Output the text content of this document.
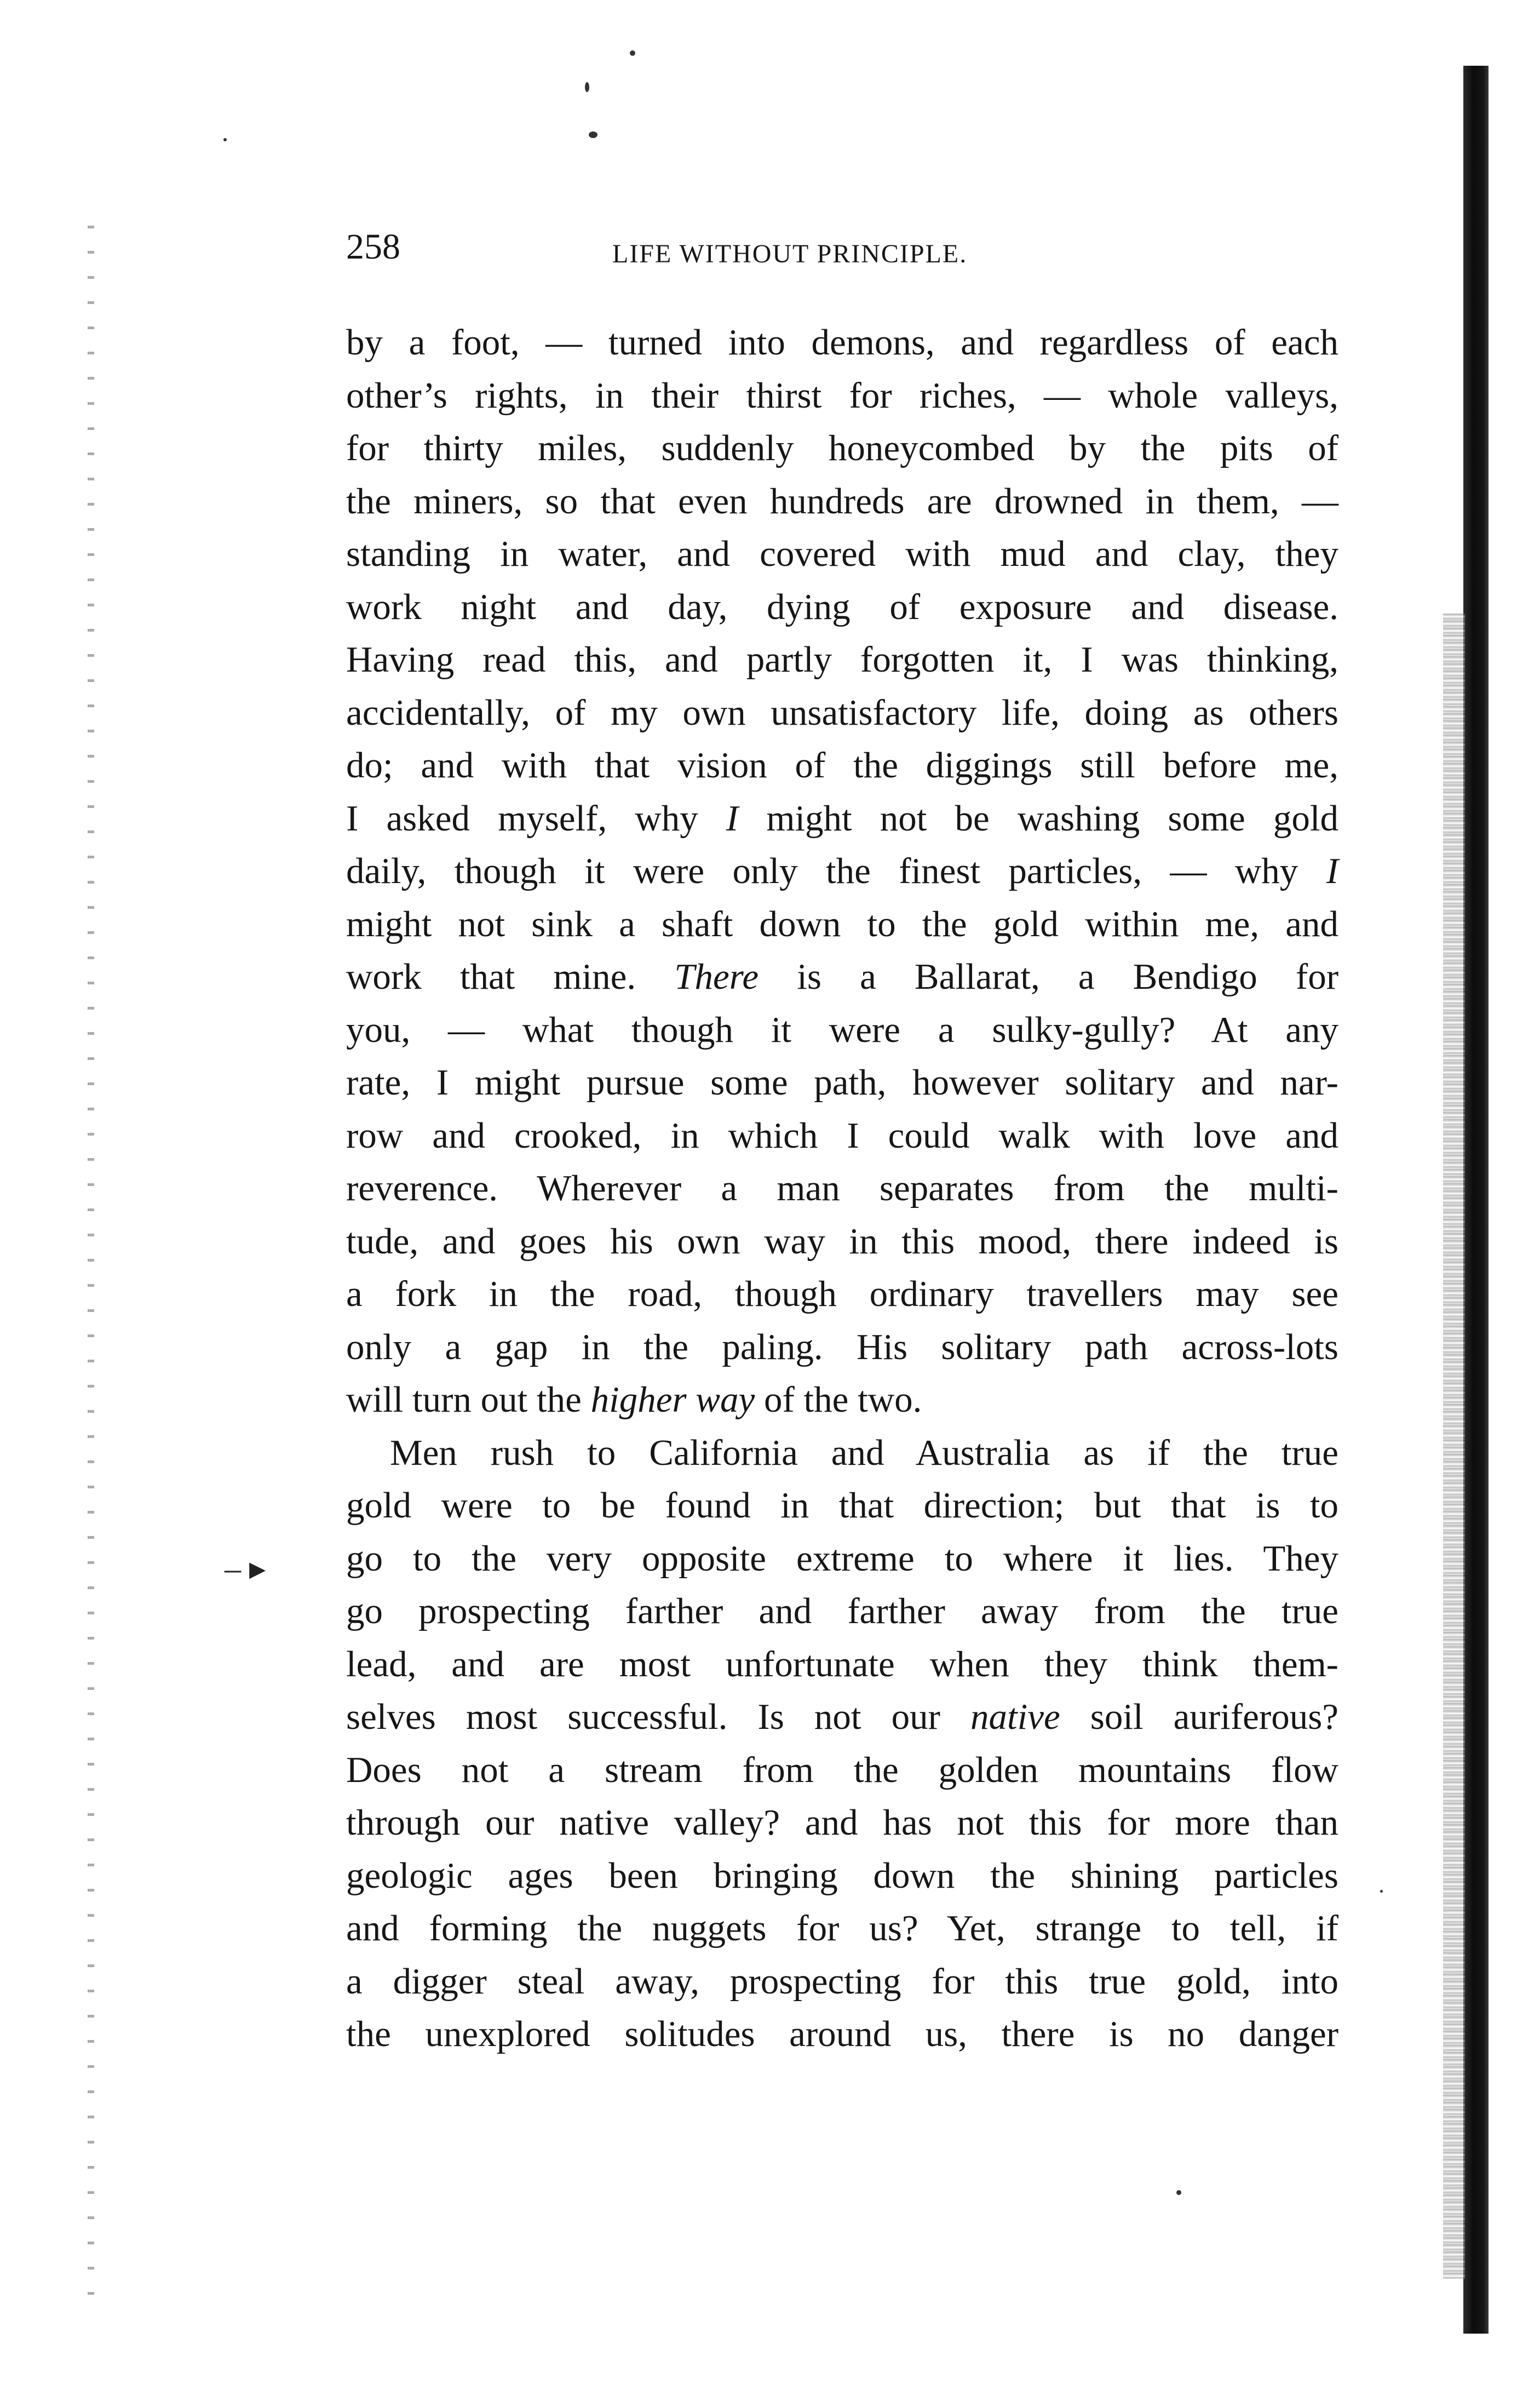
‒ ▸
258	LIFE WITHOUT PRINCIPLE.
by a foot, — turned into demons, and regardless of each
other’s rights, in their thirst for riches, — whole valleys,
for thirty miles, suddenly honeycombed by the pits of
the miners, so that even hundreds are drowned in them, —
standing in water, and covered with mud and clay, they
work night and day, dying of exposure and disease.
Having read this, and partly forgotten it, I was thinking,
accidentally, of my own unsatisfactory life, doing as others
do; and with that vision of the diggings still before me,
I asked myself, why I might not be washing some gold
daily, though it were only the finest particles, — why I
might not sink a shaft down to the gold within me, and
work that mine. There is a Ballarat, a Bendigo for
you, — what though it were a sulky-gully? At any
rate, I might pursue some path, however solitary and nar-
row and crooked, in which I could walk with love and
reverence. Wherever a man separates from the multi-
tude, and goes his own way in this mood, there indeed is
a fork in the road, though ordinary travellers may see
only a gap in the paling. His solitary path across-lots
will turn out the higher way of the two.
Men rush to California and Australia as if the true
gold were to be found in that direction; but that is to
go to the very opposite extreme to where it lies. They
go prospecting farther and farther away from the true
lead, and are most unfortunate when they think them-
selves most successful. Is not our native soil auriferous?
Does not a stream from the golden mountains flow
through our native valley? and has not this for more than
geologic ages been bringing down the shining particles
and forming the nuggets for us? Yet, strange to tell, if
a digger steal away, prospecting for this true gold, into
the unexplored solitudes around us, there is no danger
